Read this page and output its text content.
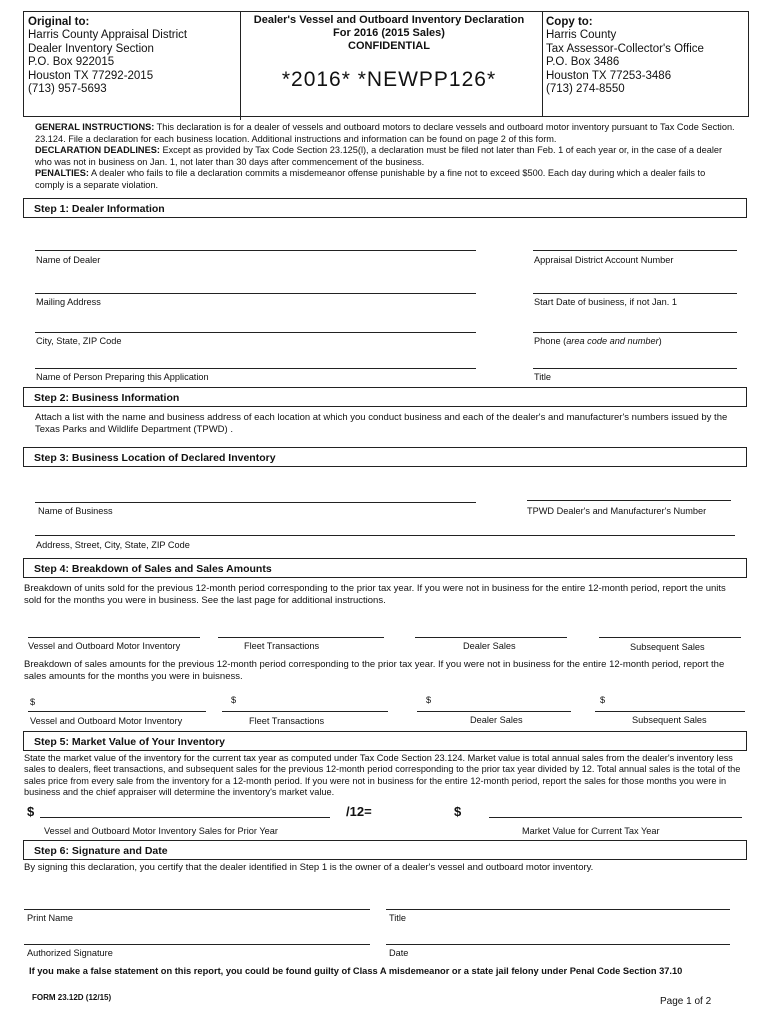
Original to:
Harris County Appraisal District
Dealer Inventory Section
P.O. Box 922015
Houston TX 77292-2015
(713) 957-5693
Dealer's Vessel and Outboard Inventory Declaration
For 2016 (2015 Sales)
CONFIDENTIAL
*2016* *NEWPP126*
Copy to:
Harris County
Tax Assessor-Collector's Office
P.O. Box 3486
Houston TX 77253-3486
(713) 274-8550
GENERAL INSTRUCTIONS: This declaration is for a dealer of vessels and outboard motors to declare vessels and outboard motor inventory pursuant to Tax Code Section. 23.124. File a declaration for each business location. Additional instructions and information can be found on page 2 of this form.
DECLARATION DEADLINES: Except as provided by Tax Code Section 23.125(l), a declaration must be filed not later than Feb. 1 of each year or, in the case of a dealer who was not in business on Jan. 1, not later than 30 days after commencement of the business.
PENALTIES: A dealer who fails to file a declaration commits a misdemeanor offense punishable by a fine not to exceed $500. Each day during which a dealer fails to comply is a separate violation.
Step 1: Dealer Information
Name of Dealer	Appraisal District Account Number
Mailing Address	Start Date of business, if not Jan. 1
City, State, ZIP Code	Phone (area code and number)
Name of Person Preparing this Application	Title
Step 2: Business Information
Attach a list with the name and business address of each location at which you conduct business and each of the dealer's and manufacturer's numbers issued by the Texas Parks and Wildlife Department (TPWD) .
Step 3: Business Location of Declared Inventory
Name of Business	TPWD Dealer's and Manufacturer's Number
Address, Street, City, State, ZIP Code
Step 4: Breakdown of Sales and Sales Amounts
Breakdown of units sold for the previous 12-month period corresponding to the prior tax year. If you were not in business for the entire 12-month period, report the units sold for the months you were in business. See the last page for additional instructions.
Vessel and Outboard Motor Inventory	Fleet Transactions	Dealer Sales	Subsequent Sales
Breakdown of sales amounts for the previous 12-month period corresponding to the prior tax year. If you were not in business for the entire 12-month period, report the sales amounts for the months you were in buisness.
$
Vessel and Outboard Motor Inventory
$
Fleet Transactions
$
Dealer Sales
$
Subsequent Sales
Step 5: Market Value of Your Inventory
State the market value of the inventory for the current tax year as computed under Tax Code Section 23.124. Market value is total annual sales from the dealer's inventory less sales to dealers, fleet transactions, and subsequent sales for the previous 12-month period corresponding to the prior tax year divided by 12. Total annual sales is the total of the sales price from every sale from the inventory for a 12-month period. If you were not in business for the entire 12-month period, report the sales for those months you were in business and the chief appraiser will determine the inventory's market value.
$	/12=	$
Vessel and Outboard Motor Inventory Sales for Prior Year	Market Value for Current Tax Year
Step 6: Signature and Date
By signing this declaration, you certify that the dealer identified in Step 1 is the owner of a dealer's vessel and outboard motor inventory.
Print Name	Title
Authorized Signature	Date
If you make a false statement on this report, you could be found guilty of Class A misdemeanor or a state jail felony under Penal Code Section 37.10
FORM 23.12D (12/15)	Page 1 of 2
